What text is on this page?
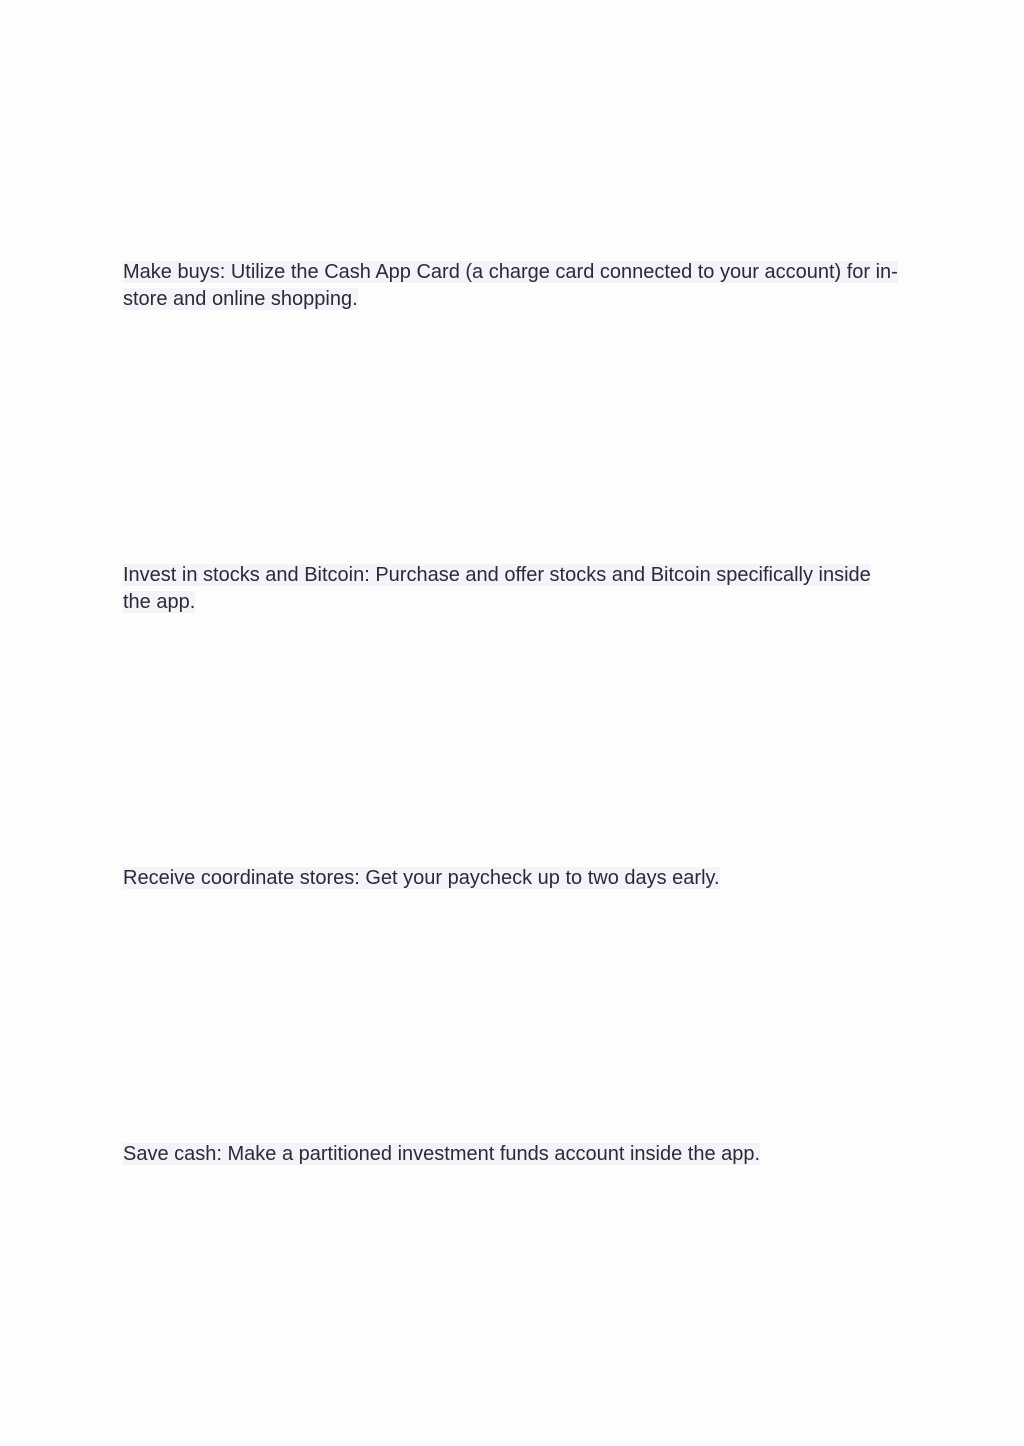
Make buys: Utilize the Cash App Card (a charge card connected to your account) for in-store and online shopping.

Invest in stocks and Bitcoin: Purchase and offer stocks and Bitcoin specifically inside the app.

Receive coordinate stores: Get your paycheck up to two days early.

Save cash: Make a partitioned investment funds account inside the app.
